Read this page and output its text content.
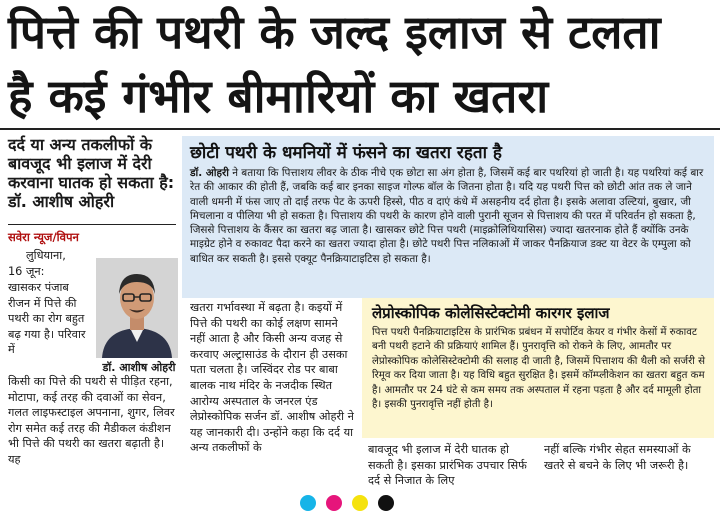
पित्ते की पथरी के जल्द इलाज से टलता
है कई गंभीर बीमारियों का खतरा
दर्द या अन्य तकलीफों के बावजूद भी इलाज में देरी करवाना घातक हो सकता है: डॉ. आशीष ओहरी
सवेरा न्यूज/विपन
लुधियाना,
16 जून:
खासकर पंजाब रीजन में पित्ते की पथरी का रोग बहुत बढ़ गया है। परिवार में
किसी का पित्ते की पथरी से पीड़ित रहना, मोटापा, कई तरह की दवाओं का सेवन, गलत लाइफस्टाइल अपनाना, शुगर, लिवर रोग समेत कई तरह की मैडीकल कंडीशन भी पित्ते की पथरी का खतरा बढ़ाती है। यह
डॉ. आशीष ओहरी
छोटी पथरी के धमनियों में फंसने का खतरा रहता है
डॉ. ओहरी ने बताया कि पित्ताशय लीवर के ठीक नीचे एक छोटा सा अंग होता है, जिसमें कई बार पथरियां हो जाती है। यह पथरियां कई बार रेत की आकार की होती हैं, जबकि कई बार इनका साइज गोल्फ बॉल के जितना होता है। यदि यह पथरी पित्त को छोटी आंत तक ले जाने वाली धमनी में फंस जाए तो दाईं तरफ पेट के ऊपरी हिस्से, पीठ व दाएं कंधे में असहनीय दर्द होता है। इसके अलावा उल्टियां, बुखार, जी मिचलाना व पीलिया भी हो सकता है। पित्ताशय की पथरी के कारण होने वाली पुरानी सूजन से पित्ताशय की परत में परिवर्तन हो सकता है, जिससे पित्ताशय के कैंसर का खतरा बढ़ जाता है। खासकर छोटे पित्त पथरी (माइक्रोलिथियासिस) ज्यादा खतरनाक होते हैं क्योंकि उनके माइग्रेट होने व रुकावट पैदा करने का खतरा ज्यादा होता है। छोटे पथरी पित्त नलिकाओं में जाकर पैनक्रियाज डक्ट या वेटर के एम्पुला को बाधित कर सकती है। इससे एक्यूट पैनक्रियाटाइटिस हो सकता है।
खतरा गर्भावस्था में बढ़ता है। कइयों में पित्ते की पथरी का कोई लक्षण सामने नहीं आता है और किसी अन्य वजह से करवाए अल्ट्रासाउंड के दौरान ही उसका पता चलता है। जस्विंदर रोड पर बाबा बालक नाथ मंदिर के नजदीक स्थित आरोग्य अस्पताल के जनरल एंड लेप्रोस्कोपिक सर्जन डॉ. आशीष ओहरी ने यह जानकारी दी। उन्होंने कहा कि दर्द या अन्य तकलीफों के
लेप्रोस्कोपिक कोलेसिस्टेक्टोमी कारगर इलाज
पित्त पथरी पैनक्रियाटाइटिस के प्रारंभिक प्रबंधन में सपोर्टिव केयर व गंभीर केसों में रुकावट बनी पथरी हटाने की प्रक्रियाएं शामिल हैं। पुनरावृत्ति को रोकने के लिए, आमतौर पर लेप्रोस्कोपिक कोलेसिस्टेक्टोमी की सलाह दी जाती है, जिसमें पित्ताशय की थैली को सर्जरी से रिमूव कर दिया जाता है। यह विधि बहुत सुरक्षित है। इसमें कॉम्प्लीकेशन का खतरा बहुत कम है। आमतौर पर 24 घंटे से कम समय तक अस्पताल में रहना पड़ता है और दर्द मामूली होता है। इसकी पुनरावृत्ति नहीं होती है।
बावजूद भी इलाज में देरी घातक हो सकती है। इसका प्रारंभिक उपचार सिर्फ दर्द से निजात के लिए
नहीं बल्कि गंभीर सेहत समस्याओं के खतरे से बचने के लिए भी जरूरी है।
